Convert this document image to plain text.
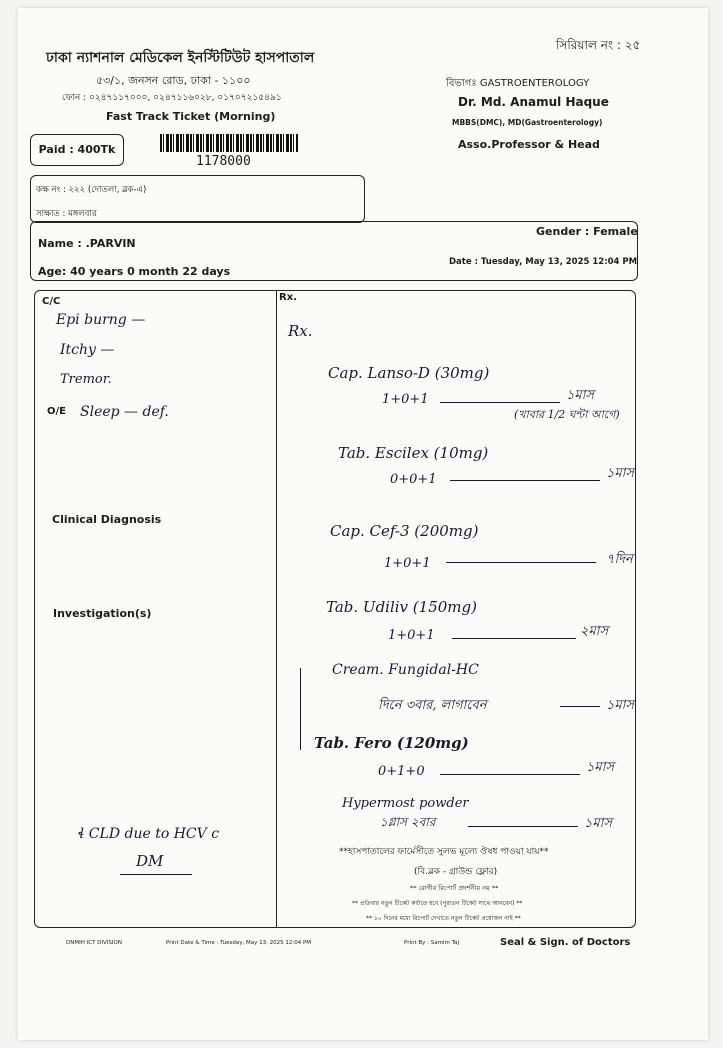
ঢাকা ন্যাশনাল মেডিকেল ইনস্টিটিউট হাসপাতাল
৫৩/১, জনসন রোড, ঢাকা - ১১০০
ফোন : ০২৪৭১১৭০০০, ০২৪৭১১৬০২৮, ০১৭০৭২১৫৪৯১
Fast Track Ticket (Morning)
সিরিয়াল নং : ২৫
Paid : 400Tk
1178000
বিভাগঃ GASTROENTEROLOGY
Dr. Md. Anamul Haque
MBBS(DMC), MD(Gastroenterology)
Asso.Professor & Head
কক্ষ নং : ২২২ (দোতলা, ব্লক-এ)
সাক্ষাত : মঙ্গলবার
Name : .PARVIN
Gender : Female
Age: 40 years 0 month 22 days
Date : Tuesday, May 13, 2025 12:04 PM
C/C
Epi burng —
Itchy —
Tremor.
O/E Sleep — def.
Clinical Diagnosis
Investigation(s)
ɬ CLD due to HCV c
DM
Rx.
Rx.
Cap. Lanso-D (30mg)
1+0+1	১মাস
(খাবার 1/2 ঘন্টা আগে)
Tab. Escilex (10mg)
0+0+1	১মাস
Cap. Cef-3 (200mg)
1+0+1	৭দিন
Tab. Udiliv (150mg)
1+0+1	২মাস
Cream. Fungidal-HC
দিনে ৩বার, লাগাবেন	১মাস
Tab. Fero (120mg)
0+1+0	১মাস
Hypermost powder
১গ্লাস ২বার	১মাস
**হাসপাতালের ফার্মেসীতে সুলভ মূল্যে ঔষধ পাওয়া যায়**
(বি.ব্লক - গ্রাউন্ড ফ্লোর)
** রোগীর রিপোর্ট প্রদর্শনীয় নয় **
** প্রতিবার নতুন টিকেট কাটতে হবে (পুরাতন টিকেট সাথে আনবেন) **
** ১০ দিনের মধ্যে রিপোর্ট দেখাতে নতুন টিকেট প্রয়োজন নাই **
DNMIH ICT DIVISION	Print Date & Time : Tuesday, May 13, 2025 12:04 PM	Print By : Samim Taj	Seal & Sign. of Doctors
